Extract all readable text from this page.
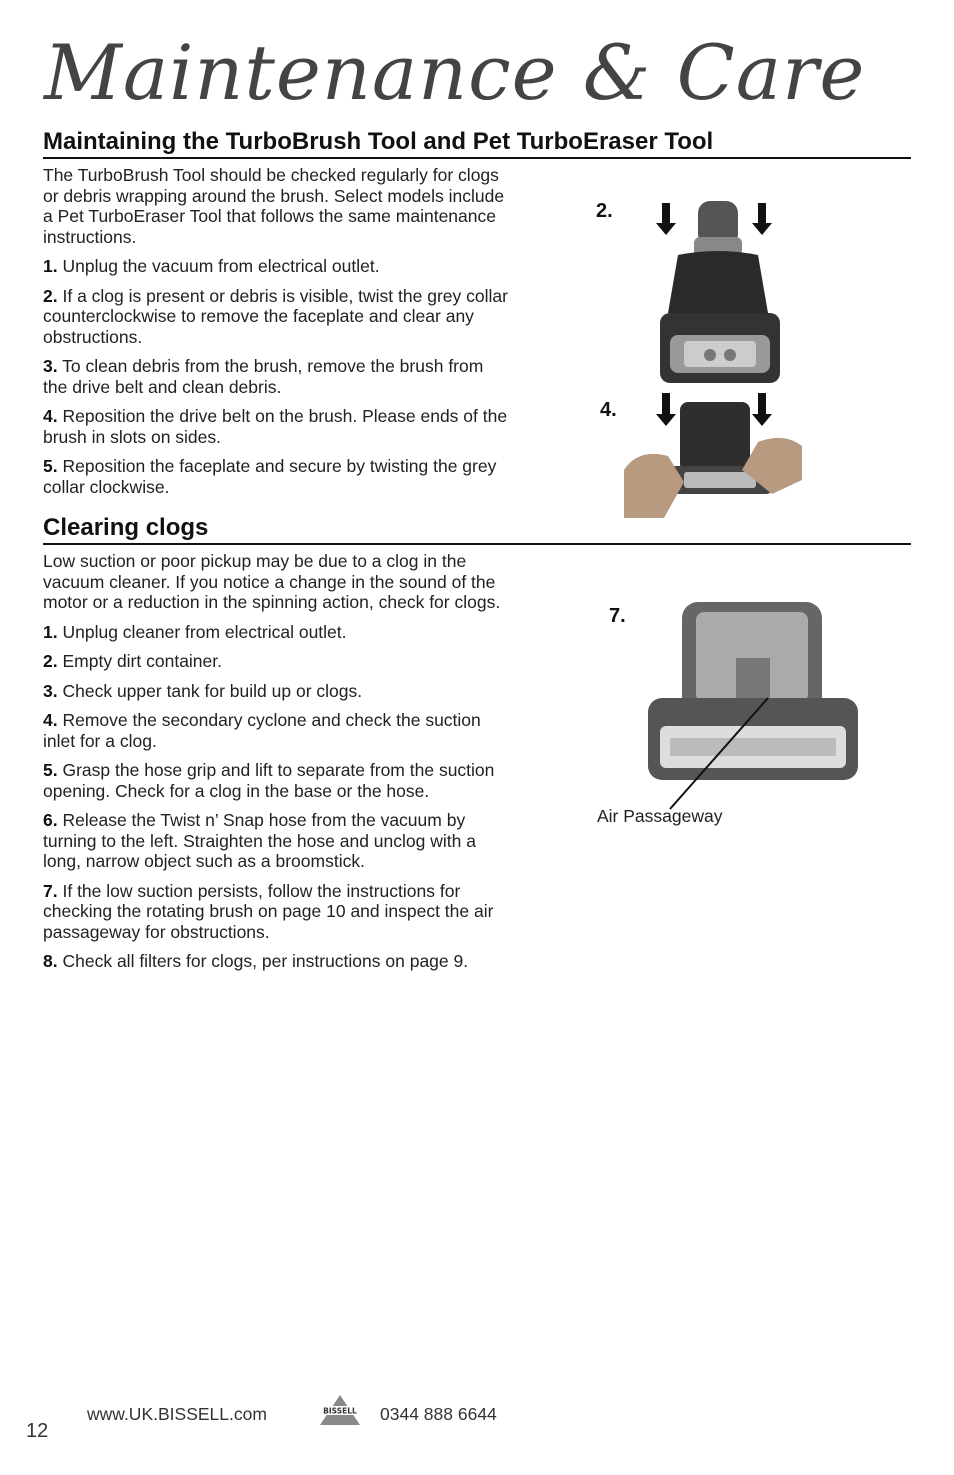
Maintenance & Care
Maintaining the TurboBrush Tool and Pet TurboEraser Tool

The TurboBrush Tool should be checked regularly for clogs or debris wrapping around the brush. Select models include a Pet TurboEraser Tool that follows the same maintenance instructions.

1. Unplug the vacuum from electrical outlet.

2. If a clog is present or debris is visible, twist the grey collar counterclockwise to remove the faceplate and clear any obstructions.

3. To clean debris from the brush, remove the brush from the drive belt and clean debris.

4. Reposition the drive belt on the brush. Please ends of the brush in slots on sides.

5. Reposition the faceplate and secure by twisting the grey collar clockwise.

2.
4.
Clearing clogs

Low suction or poor pickup may be due to a clog in the vacuum cleaner. If you notice a change in the sound of the motor or a reduction in the spinning action, check for clogs.

1. Unplug cleaner from electrical outlet.

2. Empty dirt container.

3. Check upper tank for build up or clogs.

4. Remove the secondary cyclone and check the suction inlet for a clog.

5. Grasp the hose grip and lift to separate from the suction opening. Check for a clog in the base or the hose.

6. Release the Twist n’ Snap hose from the vacuum by turning to the left. Straighten the hose and unclog with a long, narrow object such as a broomstick.

7. If the low suction persists, follow the instructions for checking the rotating brush on page 10 and inspect the air passageway for obstructions.

8. Check all filters for clogs, per instructions on page 9.

7.
Air Passageway
12
www.UK.BISSELL.com	BISSELL 0344 888 6644
